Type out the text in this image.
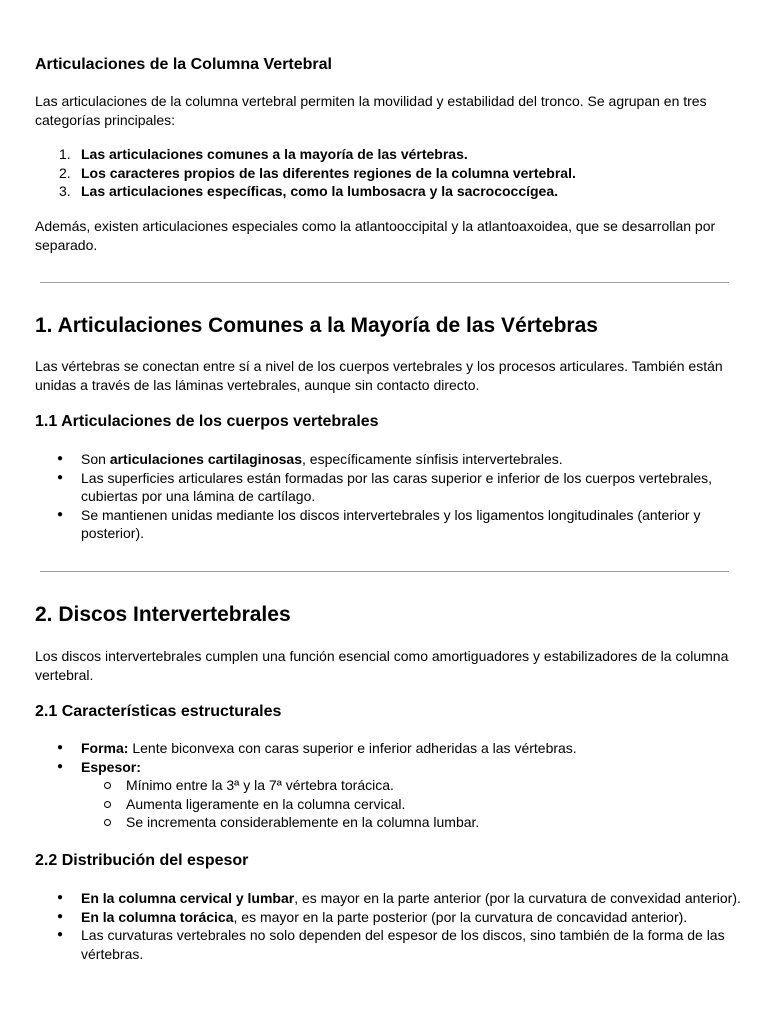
Articulaciones de la Columna Vertebral

Las articulaciones de la columna vertebral permiten la movilidad y estabilidad del tronco. Se agrupan en tres categorías principales:

1. Las articulaciones comunes a la mayoría de las vértebras.
2. Los caracteres propios de las diferentes regiones de la columna vertebral.
3. Las articulaciones específicas, como la lumbosacra y la sacrococcígea.

Además, existen articulaciones especiales como la atlantooccipital y la atlantoaxoidea, que se desarrollan por separado.

1. Articulaciones Comunes a la Mayoría de las Vértebras

Las vértebras se conectan entre sí a nivel de los cuerpos vertebrales y los procesos articulares. También están unidas a través de las láminas vertebrales, aunque sin contacto directo.

1.1 Articulaciones de los cuerpos vertebrales
● Son articulaciones cartilaginosas, específicamente sínfisis intervertebrales.
● Las superficies articulares están formadas por las caras superior e inferior de los cuerpos vertebrales, cubiertas por una lámina de cartílago.
● Se mantienen unidas mediante los discos intervertebrales y los ligamentos longitudinales (anterior y posterior).
2. Discos Intervertebrales

Los discos intervertebrales cumplen una función esencial como amortiguadores y estabilizadores de la columna vertebral.

2.1 Características estructurales
● Forma: Lente biconvexa con caras superior e inferior adheridas a las vértebras.
● Espesor:
Mínimo entre la 3ª y la 7ª vértebra torácica.
Aumenta ligeramente en la columna cervical.
Se incrementa considerablemente en la columna lumbar.
2.2 Distribución del espesor
● En la columna cervical y lumbar, es mayor en la parte anterior (por la curvatura de convexidad anterior).
● En la columna torácica, es mayor en la parte posterior (por la curvatura de concavidad anterior).
● Las curvaturas vertebrales no solo dependen del espesor de los discos, sino también de la forma de las vértebras.
